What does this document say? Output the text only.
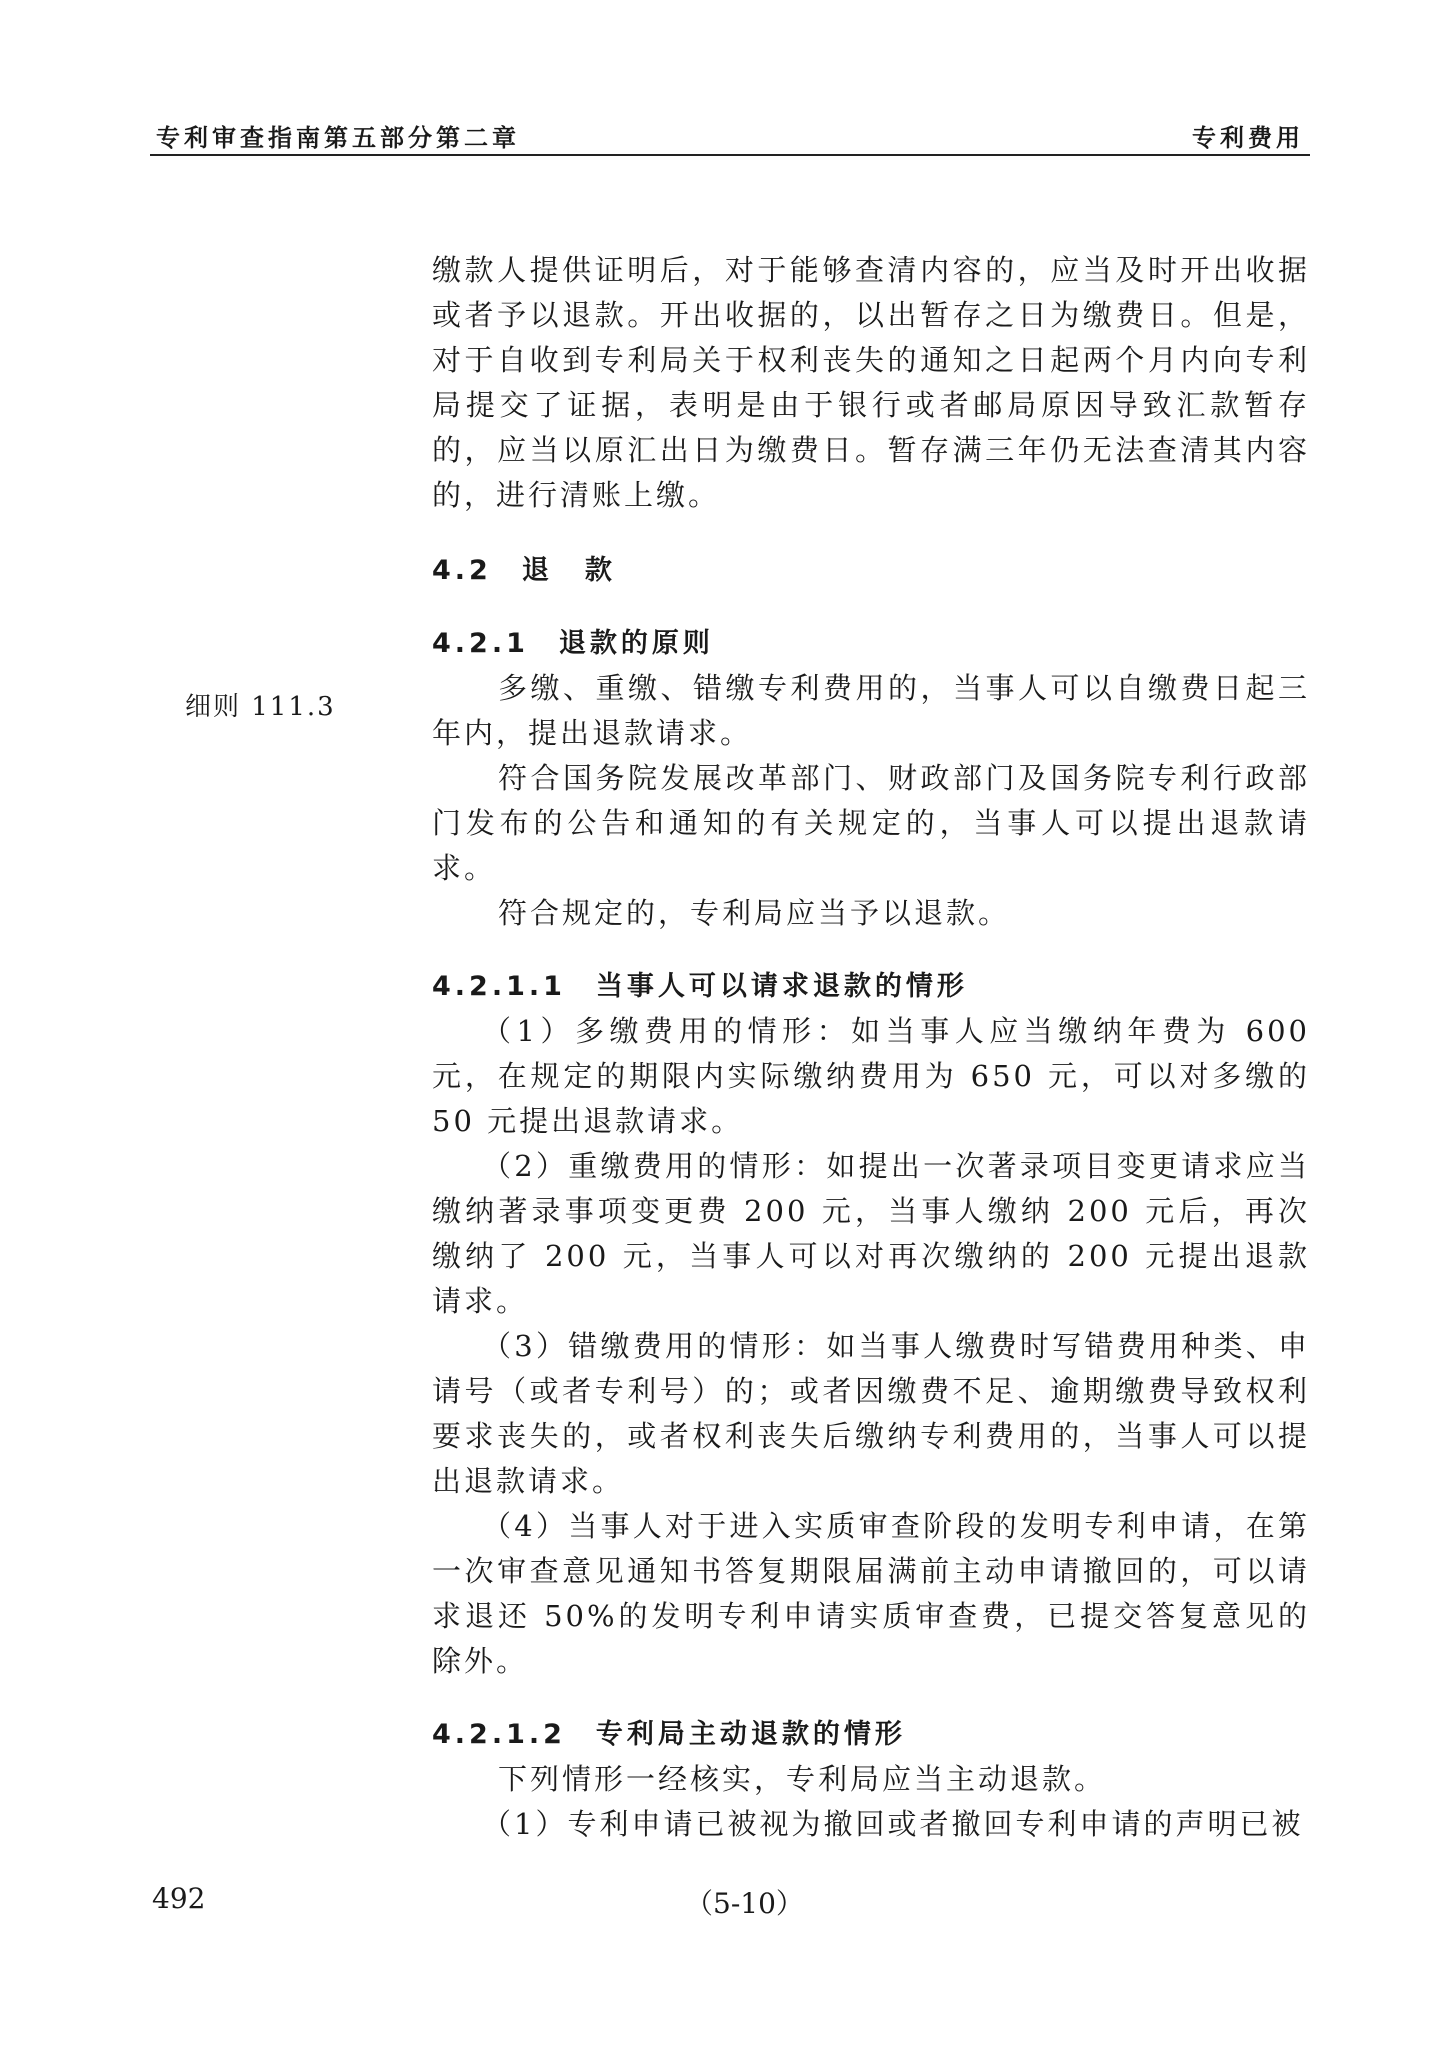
专利审查指南第五部分第二章	专利费用
细则 111.3

缴款人提供证明后，对于能够查清内容的，应当及时开出收据或者予以退款。开出收据的，以出暂存之日为缴费日。但是，对于自收到专利局关于权利丧失的通知之日起两个月内向专利局提交了证据，表明是由于银行或者邮局原因导致汇款暂存的，应当以原汇出日为缴费日。暂存满三年仍无法查清其内容的，进行清账上缴。

4.2 退款
4.2.1 退款的原则

多缴、重缴、错缴专利费用的，当事人可以自缴费日起三年内，提出退款请求。

符合国务院发展改革部门、财政部门及国务院专利行政部门发布的公告和通知的有关规定的，当事人可以提出退款请求。

符合规定的，专利局应当予以退款。

4.2.1.1 当事人可以请求退款的情形

（1）多缴费用的情形：如当事人应当缴纳年费为 600 元，在规定的期限内实际缴纳费用为 650 元，可以对多缴的 50 元提出退款请求。

（2）重缴费用的情形：如提出一次著录项目变更请求应当缴纳著录事项变更费 200 元，当事人缴纳 200 元后，再次缴纳了 200 元，当事人可以对再次缴纳的 200 元提出退款请求。

（3）错缴费用的情形：如当事人缴费时写错费用种类、申请号（或者专利号）的；或者因缴费不足、逾期缴费导致权利要求丧失的，或者权利丧失后缴纳专利费用的，当事人可以提出退款请求。

（4）当事人对于进入实质审查阶段的发明专利申请，在第一次审查意见通知书答复期限届满前主动申请撤回的，可以请求退还 50%的发明专利申请实质审查费，已提交答复意见的除外。

4.2.1.2 专利局主动退款的情形

下列情形一经核实，专利局应当主动退款。

（1）专利申请已被视为撤回或者撤回专利申请的声明已被

492	（5-10）
